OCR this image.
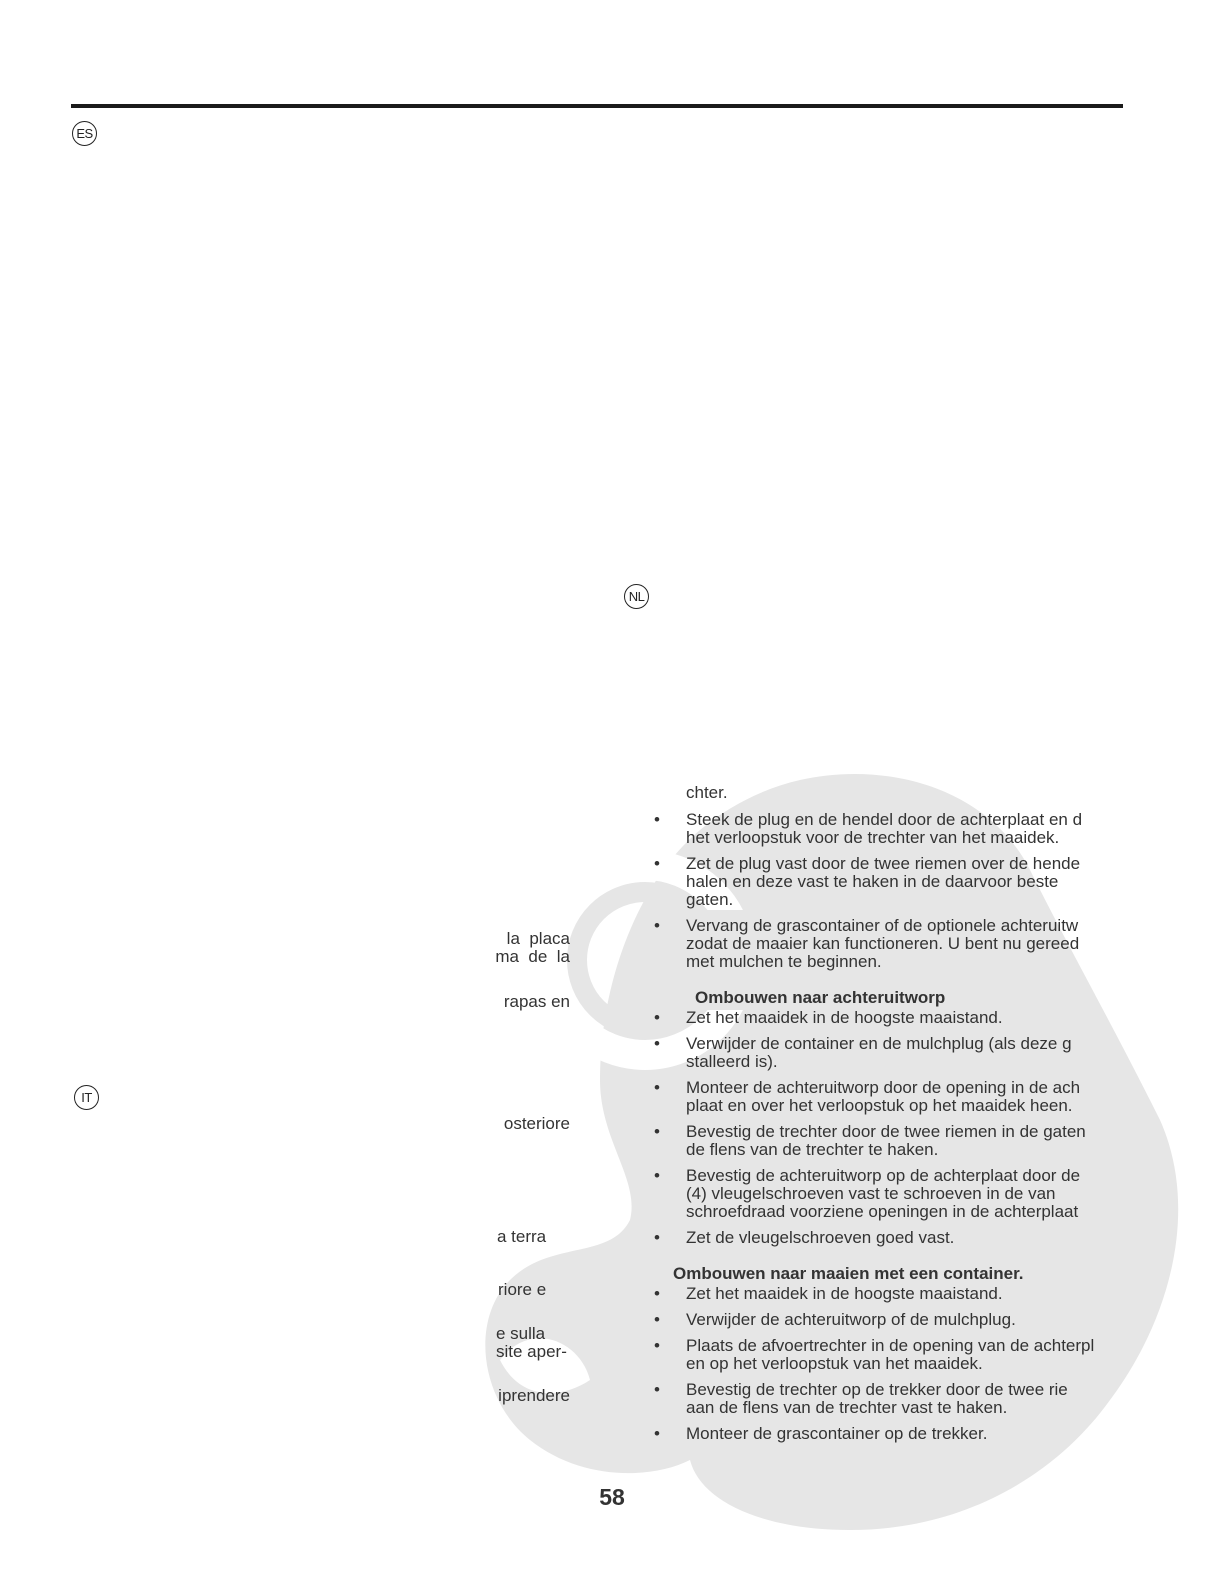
ES
NL
IT
la  placa
ma  de  la
rapas en
osteriore
a terra
riore e
e sulla
site aper-
iprendere
chter.
• Steek de plug en de hendel door de achterplaat en d
het verloopstuk voor de trechter van het maaidek.
• Zet de plug vast door de twee riemen over de hende
halen en deze vast te haken in de daarvoor beste
gaten.
• Vervang de grascontainer of de optionele achteruitw
zodat de maaier kan functioneren. U bent nu gereed
met mulchen te beginnen.
Ombouwen naar achteruitworp
• Zet het maaidek in de hoogste maaistand.
• Verwijder de container en de mulchplug (als deze g
stalleerd is).
• Monteer de achteruitworp door de opening in de ach
plaat en over het verloopstuk op het maaidek heen.
• Bevestig de trechter door de twee riemen in de gaten
de flens van de trechter te haken.
• Bevestig de achteruitworp op de achterplaat door de
(4) vleugelschroeven vast te schroeven in de van
schroefdraad voorziene openingen in de achterplaat
• Zet de vleugelschroeven goed vast.
Ombouwen naar maaien met een container.
• Zet het maaidek in de hoogste maaistand.
• Verwijder de achteruitworp of de mulchplug.
• Plaats de afvoertrechter in de opening van de achterpl
en op het verloopstuk van het maaidek.
• Bevestig de trechter op de trekker door de twee rie
aan de flens van de trechter vast te haken.
• Monteer de grascontainer op de trekker.
58
